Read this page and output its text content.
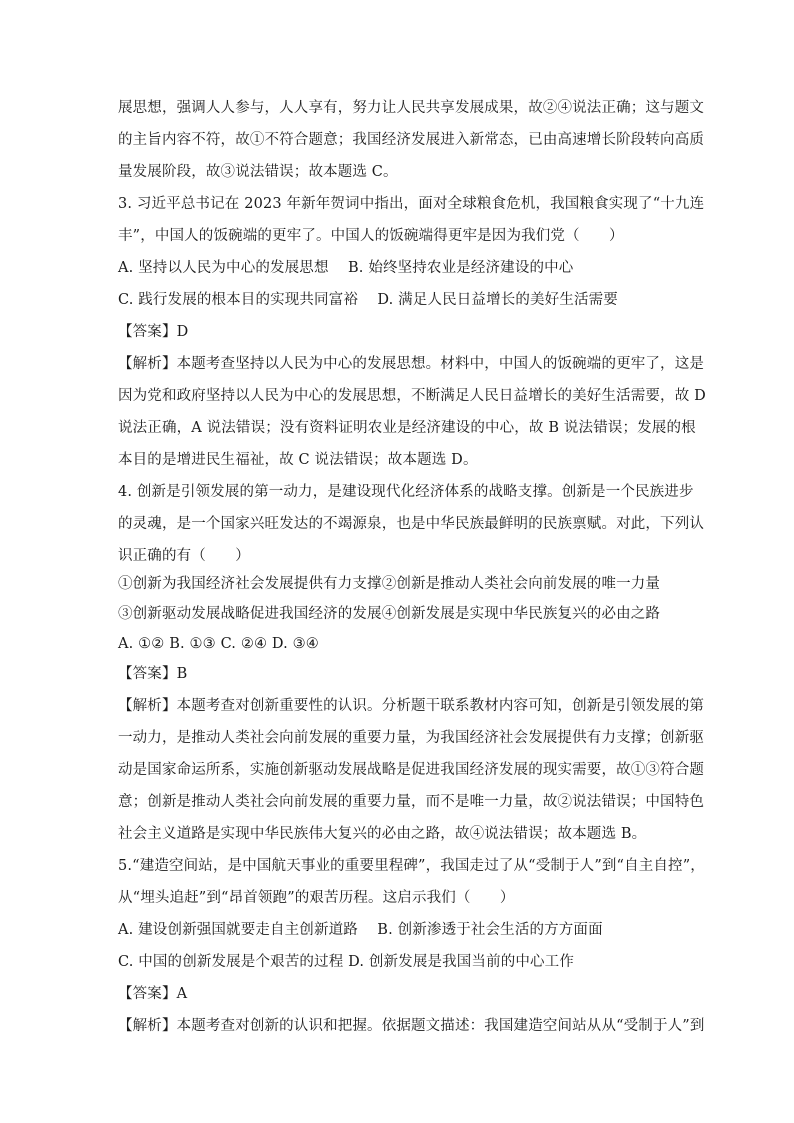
展思想，强调人人参与，人人享有，努力让人民共享发展成果，故②④说法正确；这与题文
的主旨内容不符，故①不符合题意；我国经济发展进入新常态，已由高速增长阶段转向高质
量发展阶段，故③说法错误；故本题选 C。
3. 习近平总书记在 2023 年新年贺词中指出，面对全球粮食危机，我国粮食实现了“十九连
丰”，中国人的饭碗端的更牢了。中国人的饭碗端得更牢是因为我们党（　　）
A. 坚持以人民为中心的发展思想　 B. 始终坚持农业是经济建设的中心
C. 践行发展的根本目的实现共同富裕　 D. 满足人民日益增长的美好生活需要
【答案】D
【解析】本题考查坚持以人民为中心的发展思想。材料中，中国人的饭碗端的更牢了，这是
因为党和政府坚持以人民为中心的发展思想，不断满足人民日益增长的美好生活需要，故 D
说法正确，A 说法错误；没有资料证明农业是经济建设的中心，故 B 说法错误；发展的根
本目的是增进民生福祉，故 C 说法错误；故本题选 D。
4. 创新是引领发展的第一动力，是建设现代化经济体系的战略支撑。创新是一个民族进步
的灵魂，是一个国家兴旺发达的不竭源泉，也是中华民族最鲜明的民族禀赋。对此，下列认
识正确的有（　　）
①创新为我国经济社会发展提供有力支撑②创新是推动人类社会向前发展的唯一力量
③创新驱动发展战略促进我国经济的发展④创新发展是实现中华民族复兴的必由之路
A. ①② B. ①③ C. ②④ D. ③④
【答案】B
【解析】本题考查对创新重要性的认识。分析题干联系教材内容可知，创新是引领发展的第
一动力，是推动人类社会向前发展的重要力量，为我国经济社会发展提供有力支撑；创新驱
动是国家命运所系，实施创新驱动发展战略是促进我国经济发展的现实需要，故①③符合题
意；创新是推动人类社会向前发展的重要力量，而不是唯一力量，故②说法错误；中国特色
社会主义道路是实现中华民族伟大复兴的必由之路，故④说法错误；故本题选 B。
5.“建造空间站，是中国航天事业的重要里程碑”，我国走过了从“受制于人”到“自主自控”，
从“埋头追赶”到“昂首领跑”的艰苦历程。这启示我们（　　）
A. 建设创新强国就要走自主创新道路　 B. 创新渗透于社会生活的方方面面
C. 中国的创新发展是个艰苦的过程 D. 创新发展是我国当前的中心工作
【答案】A
【解析】本题考查对创新的认识和把握。依据题文描述：我国建造空间站从从“受制于人”到
